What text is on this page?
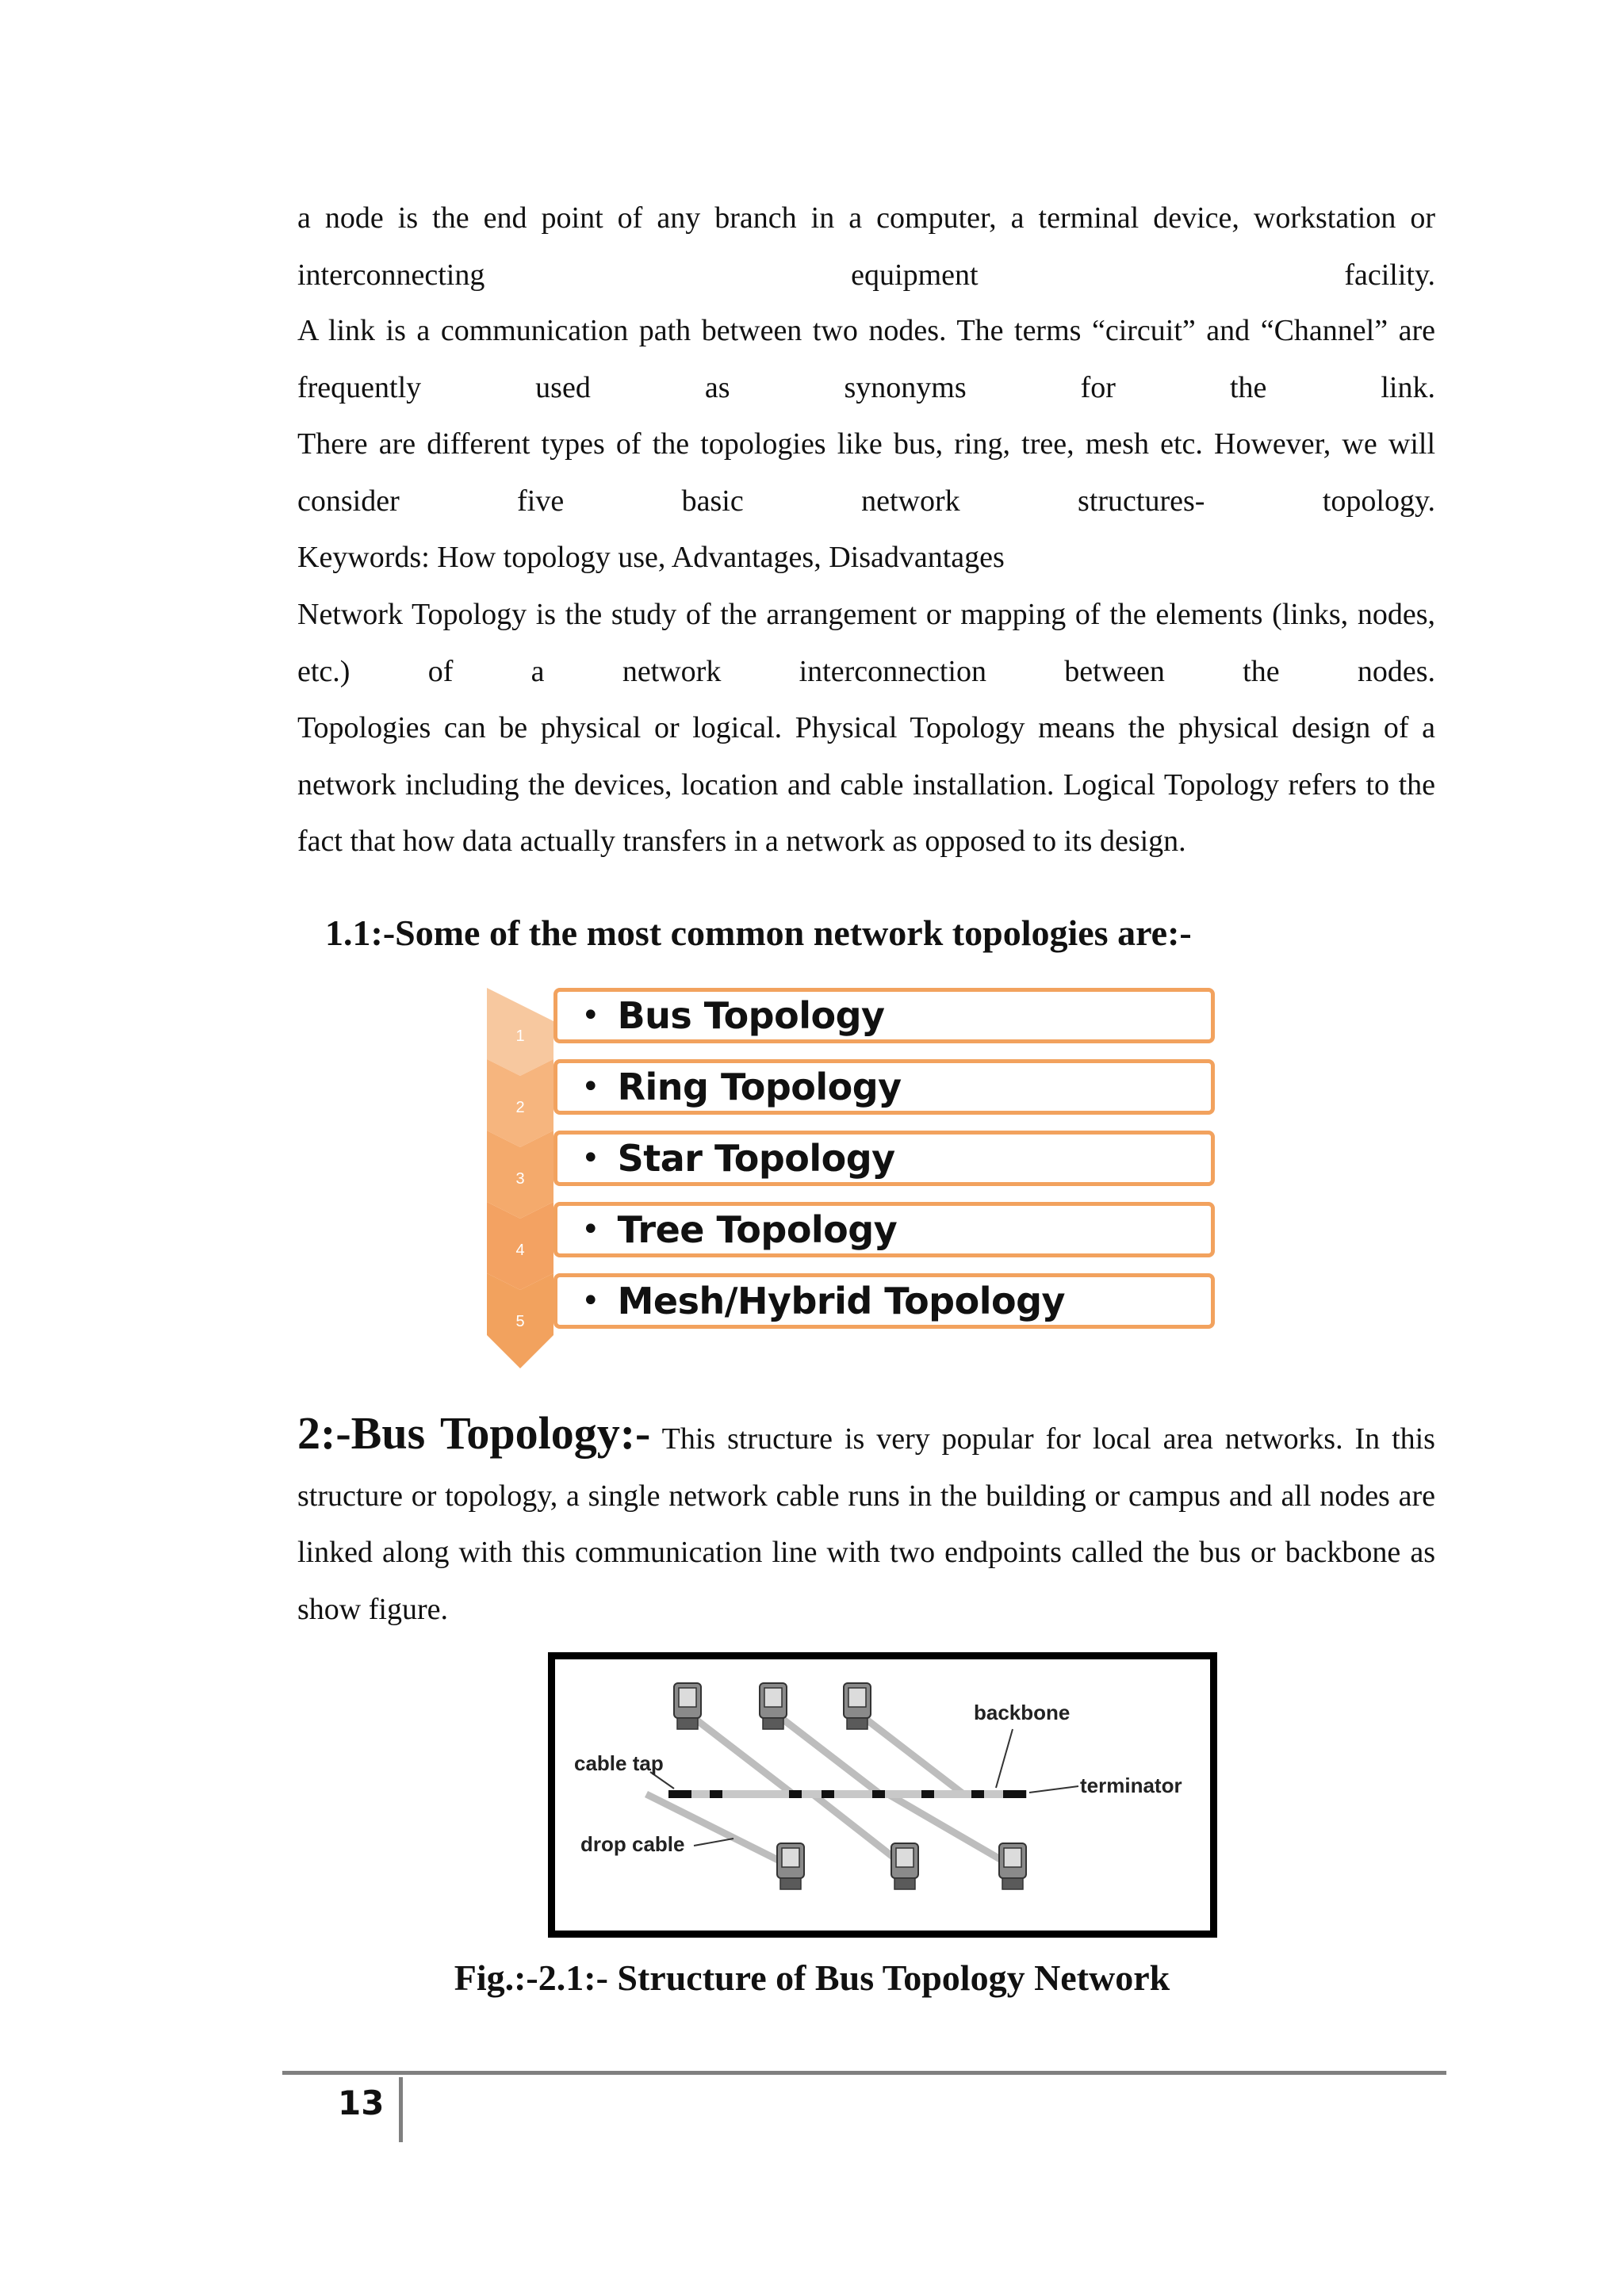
a node is the end point of any branch in a computer, a terminal device, workstation or interconnecting equipment facility.

A link is a communication path between two nodes. The terms “circuit” and “Channel” are frequently used as synonyms for the link.

There are different types of the topologies like bus, ring, tree, mesh etc. However, we will consider five basic network structures- topology.

Keywords: How topology use, Advantages, Disadvantages

Network Topology is the study of the arrangement or mapping of the elements (links, nodes, etc.) of a network interconnection between the nodes.

Topologies can be physical or logical. Physical Topology means the physical design of a network including the devices, location and cable installation. Logical Topology refers to the fact that how data actually transfers in a network as opposed to its design.

1.1:-Some of the most common network topologies are:-
1
2
3
4
5
• Bus Topology
• Ring Topology
• Star Topology
• Tree Topology
• Mesh/Hybrid Topology

2:-Bus Topology:- This structure is very popular for local area networks. In this structure or topology, a single network cable runs in the building or campus and all nodes are linked along with this communication line with two endpoints called the bus or backbone as show figure.

backbone
cable tap
terminator
drop cable

Fig.:-2.1:- Structure of Bus Topology Network

13
